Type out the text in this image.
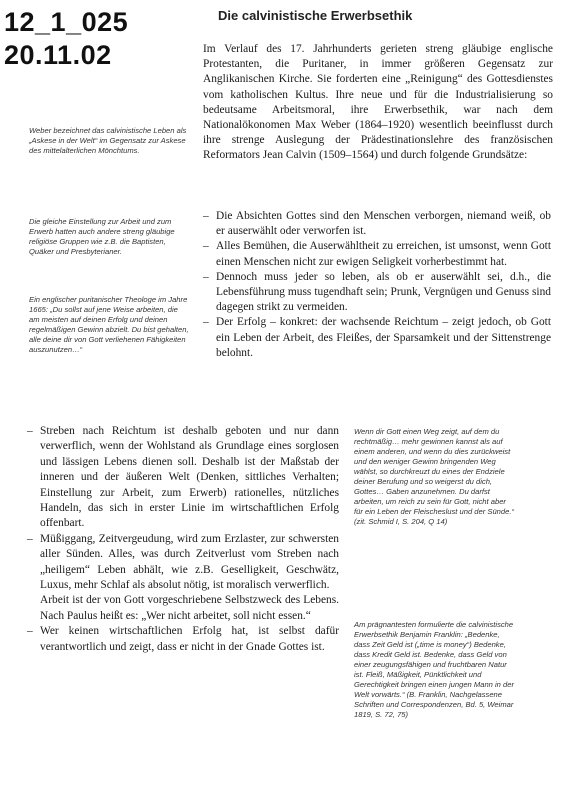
12_1_025
20.11.02
Die calvinistische Erwerbsethik

Im Verlauf des 17. Jahrhunderts gerieten streng gläubige englische Protestanten, die Puritaner, in immer größeren Gegensatz zur Anglikanischen Kirche. Sie forderten eine „Reinigung“ des Gottesdienstes vom katholischen Kultus. Ihre neue und für die Industrialisierung so bedeutsame Arbeitsmoral, ihre Erwerbsethik, war nach dem Nationalökonomen Max Weber (1864–1920) wesentlich beeinflusst durch ihre strenge Auslegung der Prädestinationslehre des französischen Reformators Jean Calvin (1509–1564) und durch folgende Grundsätze:

Weber bezeichnet das calvinistische Leben als „Askese in der Welt“ im Gegensatz zur Askese des mittelalterlichen Mönchtums.
Die gleiche Einstellung zur Arbeit und zum Erwerb hatten auch andere streng gläubige religiöse Gruppen wie z.B. die Baptisten, Quäker und Presbyterianer.
Ein englischer puritanischer Theologe im Jahre 1665: „Du sollst auf jene Weise arbeiten, die am meisten auf deinen Erfolg und deinen regelmäßigen Gewinn abzielt. Du bist gehalten, alle deine dir von Gott verliehenen Fähigkeiten auszunutzen…“
– Die Absichten Gottes sind den Menschen verborgen, niemand weiß, ob er auserwählt oder verworfen ist.
– Alles Bemühen, die Auserwähltheit zu erreichen, ist umsonst, wenn Gott einen Menschen nicht zur ewigen Seligkeit vorherbestimmt hat.
– Dennoch muss jeder so leben, als ob er auserwählt sei, d.h., die Lebensführung muss tugendhaft sein; Prunk, Vergnügen und Genuss sind dagegen strikt zu vermeiden.
– Der Erfolg – konkret: der wachsende Reichtum – zeigt jedoch, ob Gott ein Leben der Arbeit, des Fleißes, der Sparsamkeit und der Sittenstrenge belohnt.
– Streben nach Reichtum ist deshalb geboten und nur dann verwerflich, wenn der Wohlstand als Grundlage eines sorglosen und lässigen Lebens dienen soll. Deshalb ist der Maßstab der inneren und der äußeren Welt (Denken, sittliches Verhalten; Einstellung zur Arbeit, zum Erwerb) rationelles, nützliches Handeln, das sich in erster Linie im wirtschaftlichen Erfolg offenbart.
– Müßiggang, Zeitvergeudung, wird zum Erzlaster, zur schwersten aller Sünden. Alles, was durch Zeitverlust vom Streben nach „heiligem“ Leben abhält, wie z.B. Geselligkeit, Geschwätz, Luxus, mehr Schlaf als absolut nötig, ist moralisch verwerflich.
Arbeit ist der von Gott vorgeschriebene Selbstzweck des Lebens. Nach Paulus heißt es: „Wer nicht arbeitet, soll nicht essen.“
– Wer keinen wirtschaftlichen Erfolg hat, ist selbst dafür verantwortlich und zeigt, dass er nicht in der Gnade Gottes ist.
Wenn dir Gott einen Weg zeigt, auf dem du rechtmäßig… mehr gewinnen kannst als auf einem anderen, und wenn du dies zurückweist und den weniger Gewinn bringenden Weg wählst, so durchkreuzt du eines der Endziele deiner Berufung und so weigerst du dich, Gottes… Gaben anzunehmen. Du darfst arbeiten, um reich zu sein für Gott, nicht aber für ein Leben der Fleischeslust und der Sünde.“ (zit. Schmid I, S. 204, Q 14)
Am prägnantesten formulierte die calvinistische Erwerbsethik Benjamin Franklin: „Bedenke, dass Zeit Geld ist („time is money“) Bedenke, dass Kredit Geld ist. Bedenke, dass Geld von einer zeugungsfähigen und fruchtbaren Natur ist. Fleiß, Mäßigkeit, Pünktlichkeit und Gerechtigkeit bringen einen jungen Mann in der Welt vorwärts.“ (B. Franklin, Nachgelassene Schriften und Correspondenzen, Bd. 5, Weimar 1819, S. 72, 75)
